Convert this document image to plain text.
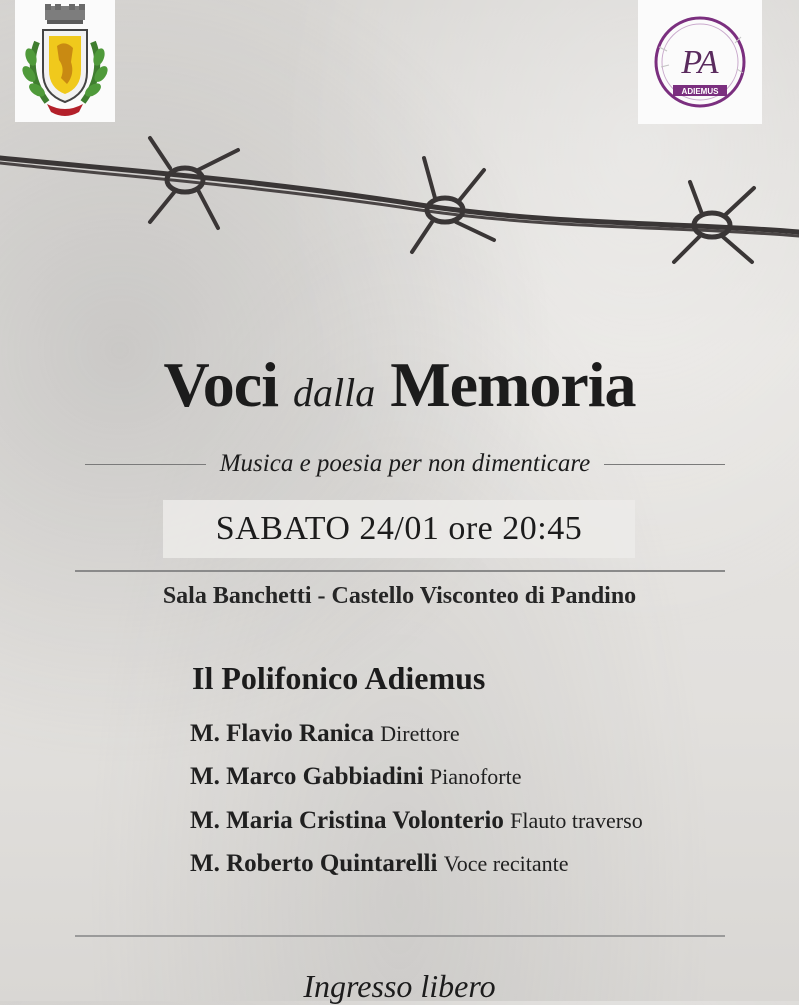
PA
ADIEMUS
Voci dalla Memoria
Musica e poesia per non dimenticare
SABATO 24/01 ore 20:45
Sala Banchetti - Castello Visconteo di Pandino
Il Polifonico Adiemus
M. Flavio Ranica Direttore
M. Marco Gabbiadini Pianoforte
M. Maria Cristina Volonterio Flauto traverso
M. Roberto Quintarelli Voce recitante
Ingresso libero
